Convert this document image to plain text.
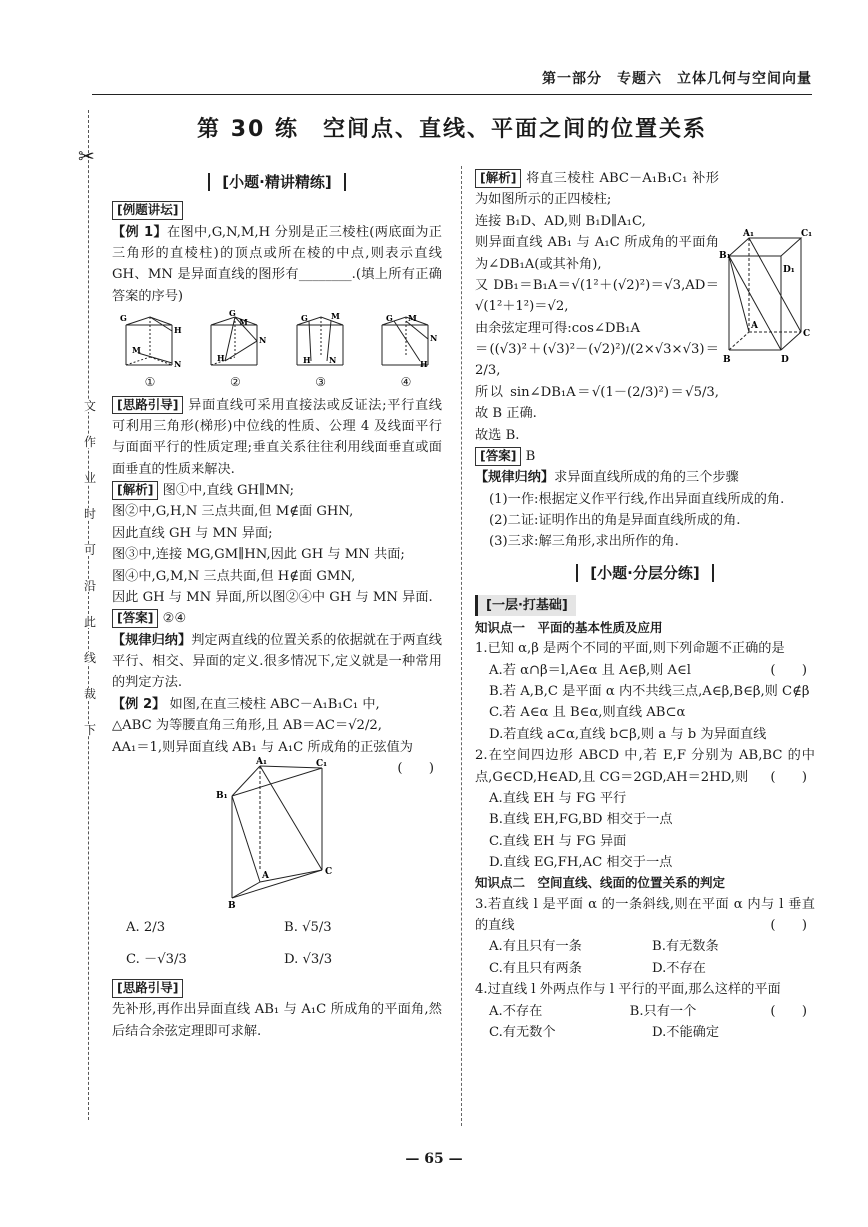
第一部分　专题六　立体几何与空间向量
第 30 练　空间点、直线、平面之间的位置关系
✂
文
作
业
时
可
沿
此
线
裁
下
[小题·精讲精练]
[例题讲坛]
【例 1】在图中,G,N,M,H 分别是正三棱柱(两底面为正三角形的直棱柱)的顶点或所在棱的中点,则表示直线 GH、MN 是异面直线的图形有________.(填上所有正确答案的序号)
G
H
M
N
①
G
M
N
H
②
G	M
H N
③
G M
N
H
④
[思路引导] 异面直线可采用直接法或反证法;平行直线可利用三角形(梯形)中位线的性质、公理 4 及线面平行与面面平行的性质定理;垂直关系往往利用线面垂直或面面垂直的性质来解决.
[解析] 图①中,直线 GH∥MN;
图②中,G,H,N 三点共面,但 M∉面 GHN,
因此直线 GH 与 MN 异面;
图③中,连接 MG,GM∥HN,因此 GH 与 MN 共面;
图④中,G,M,N 三点共面,但 H∉面 GMN,
因此 GH 与 MN 异面,所以图②④中 GH 与 MN 异面.
[答案] ②④
【规律归纳】判定两直线的位置关系的依据就在于两直线平行、相交、异面的定义.很多情况下,定义就是一种常用的判定方法.
【例 2】 如图,在直三棱柱 ABC－A₁B₁C₁ 中,
△ABC 为等腰直角三角形,且 AB＝AC＝√2/2,
AA₁＝1,则异面直线 AB₁ 与 A₁C 所成角的正弦值为
(　　)
A₁	C₁
B₁
A	C
B
A. 2/3	B. √5/3
C. －√3/3	D. √3/3
[思路引导]
先补形,再作出异面直线 AB₁ 与 A₁C 所成角的平面角,然后结合余弦定理即可求解.
[解析] 将直三棱柱 ABC－A₁B₁C₁ 补形为如图所示的正四棱柱;
连接 B₁D、AD,则 B₁D∥A₁C,
则异面直线 AB₁ 与 A₁C 所成角的平面角为∠DB₁A(或其补角),
又 DB₁＝B₁A＝√(1²＋(√2)²)＝√3,AD＝√(1²＋1²)＝√2,
由余弦定理可得:cos∠DB₁A
＝((√3)²＋(√3)²－(√2)²)/(2×√3×√3)＝2/3,
所以 sin∠DB₁A＝√(1－(2/3)²)＝√5/3,故 B 正确.
故选 B.
A₁	C₁
B₁
D₁
A
C
B	D
[答案] B
【规律归纳】求异面直线所成的角的三个步骤
(1)一作:根据定义作平行线,作出异面直线所成的角.
(2)二证:证明作出的角是异面直线所成的角.
(3)三求:解三角形,求出所作的角.
[小题·分层分练]
[一层·打基础]
知识点一　平面的基本性质及应用
1.已知 α,β 是两个不同的平面,则下列命题不正确的是
(　　)
A.若 α∩β＝l,A∈α 且 A∈β,则 A∈l
B.若 A,B,C 是平面 α 内不共线三点,A∈β,B∈β,则 C∉β
C.若 A∈α 且 B∈α,则直线 AB⊂α
D.若直线 a⊂α,直线 b⊂β,则 a 与 b 为异面直线
2.在空间四边形 ABCD 中,若 E,F 分别为 AB,BC 的中点,G∈CD,H∈AD,且 CG＝2GD,AH＝2HD,则 (　　)
A.直线 EH 与 FG 平行
B.直线 EH,FG,BD 相交于一点
C.直线 EH 与 FG 异面
D.直线 EG,FH,AC 相交于一点
知识点二　空间直线、线面的位置关系的判定
3.若直线 l 是平面 α 的一条斜线,则在平面 α 内与 l 垂直的直线	(　　)
A.有且只有一条	B.有无数条
C.有且只有两条	D.不存在
4.过直线 l 外两点作与 l 平行的平面,那么这样的平面
(　　)
A.不存在	B.只有一个
C.有无数个	D.不能确定
— 65 —
